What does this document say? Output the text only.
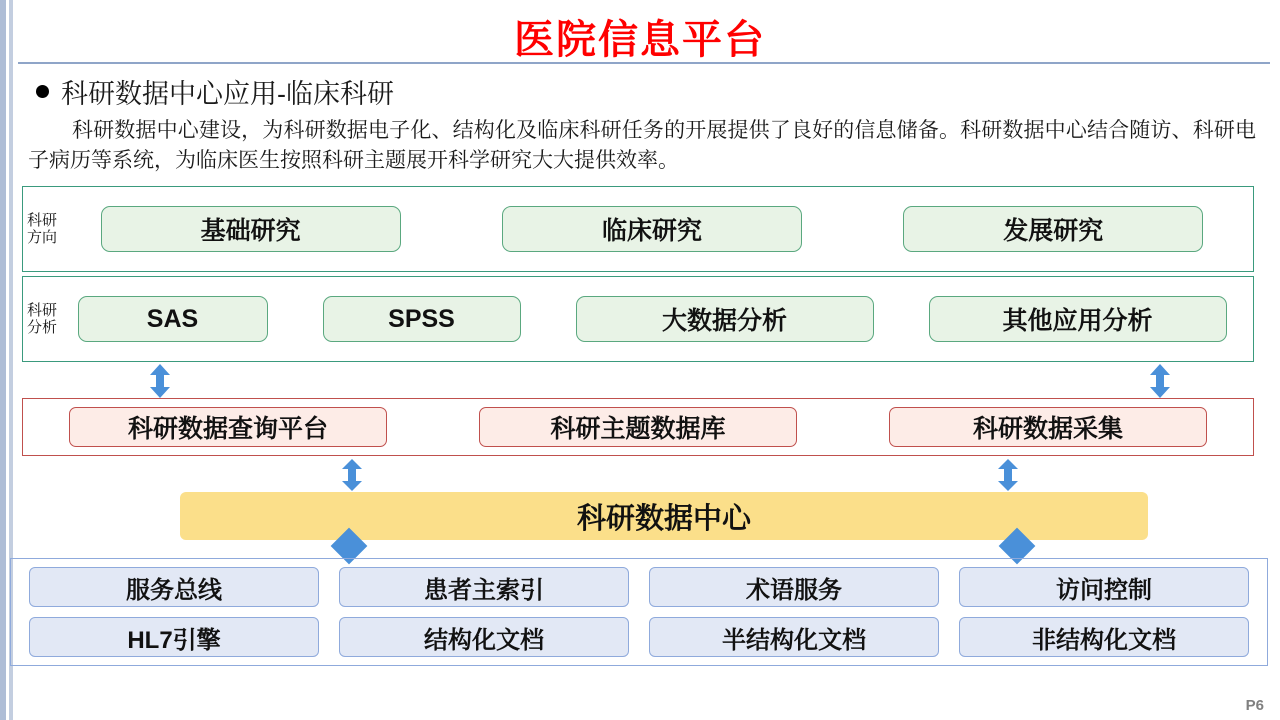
医院信息平台
科研数据中心应用-临床科研
科研数据中心建设，为科研数据电子化、结构化及临床科研任务的开展提供了良好的信息储备。科研数据中心结合随访、科研电子病历等系统，为临床医生按照科研主题展开科学研究大大提供效率。
科研方向	基础研究	临床研究	发展研究
科研分析	SAS	SPSS	大数据分析	其他应用分析
科研数据查询平台	科研主题数据库	科研数据采集
科研数据中心
服务总线	患者主索引	术语服务	访问控制
HL7引擎	结构化文档	半结构化文档	非结构化文档
P6
